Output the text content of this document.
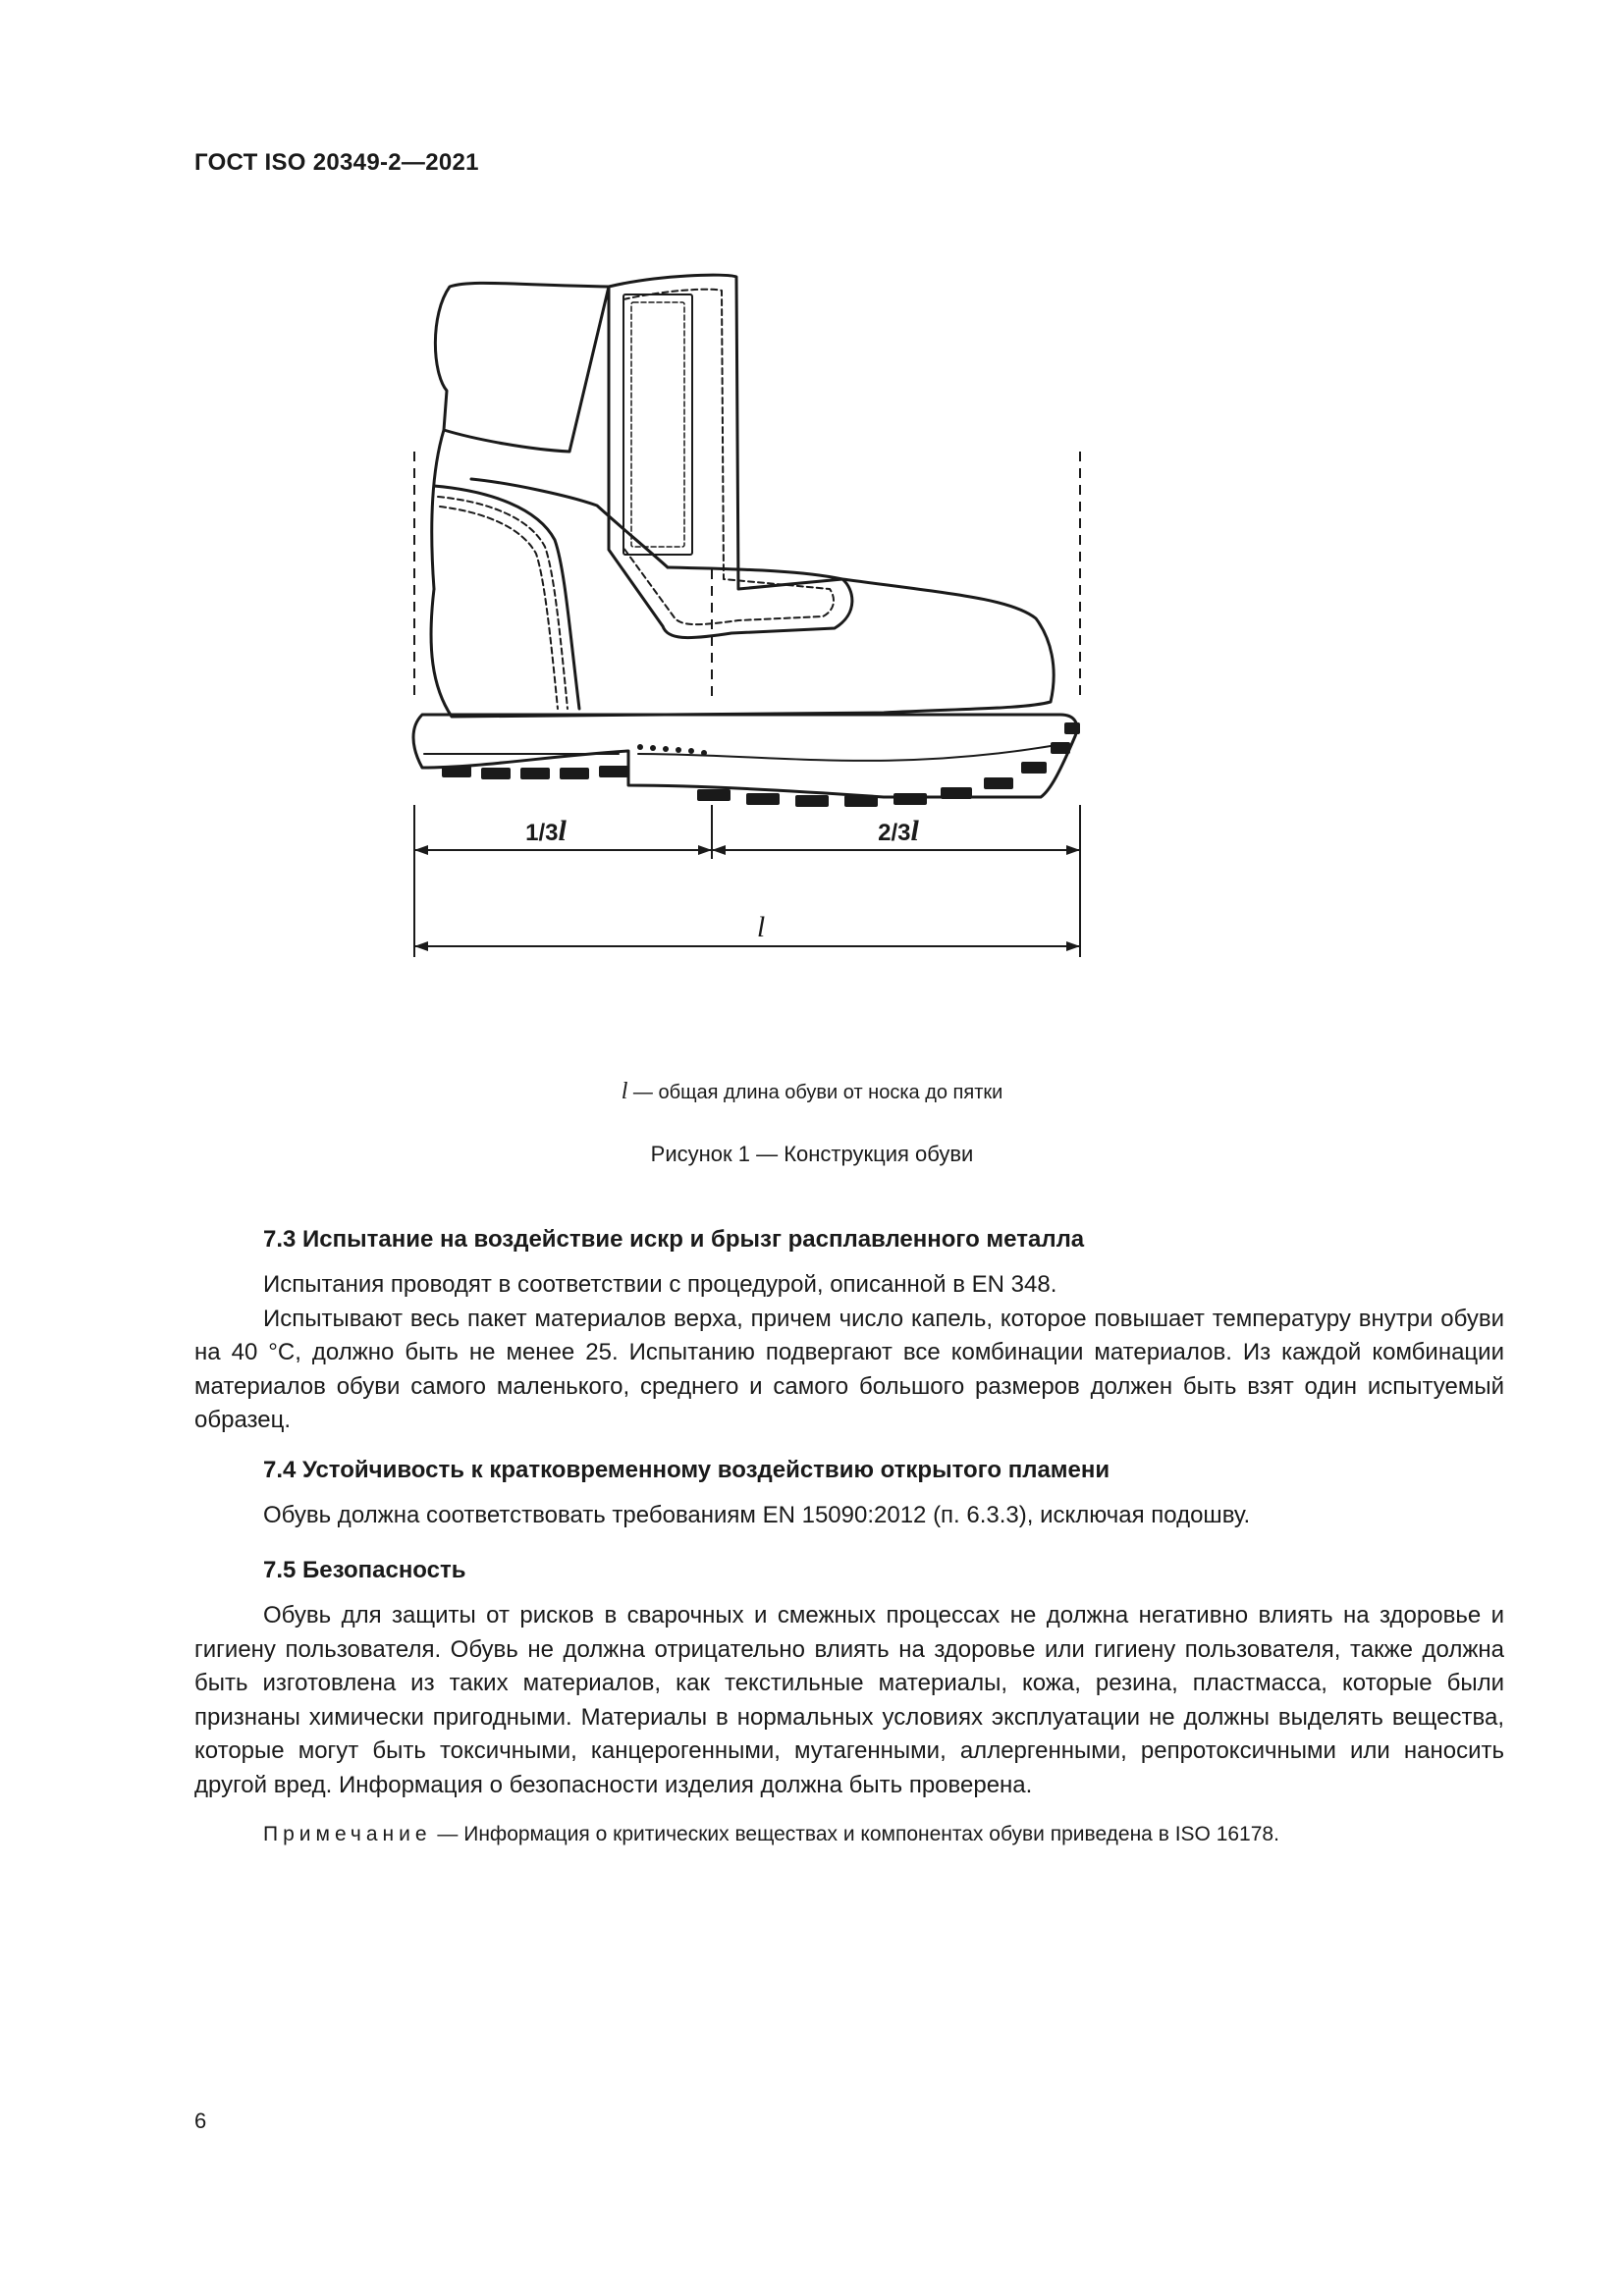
ГОСТ ISO 20349-2—2021
1/3l	2/3l
l
l — общая длина обуви от носка до пятки
Рисунок 1 — Конструкция обуви
7.3 Испытание на воздействие искр и брызг расплавленного металла

Испытания проводят в соответствии с процедурой, описанной в EN 348.

Испытывают весь пакет материалов верха, причем число капель, которое повышает температуру внутри обуви на 40 °C, должно быть не менее 25. Испытанию подвергают все комбинации материалов. Из каждой комбинации материалов обуви самого маленького, среднего и самого большого размеров должен быть взят один испытуемый образец.

7.4 Устойчивость к кратковременному воздействию открытого пламени

Обувь должна соответствовать требованиям EN 15090:2012 (п. 6.3.3), исключая подошву.

7.5 Безопасность

Обувь для защиты от рисков в сварочных и смежных процессах не должна негативно влиять на здоровье и гигиену пользователя. Обувь не должна отрицательно влиять на здоровье или гигиену пользователя, также должна быть изготовлена из таких материалов, как текстильные материалы, кожа, резина, пластмасса, которые были признаны химически пригодными. Материалы в нормальных условиях эксплуатации не должны выделять вещества, которые могут быть токсичными, канцерогенными, мутагенными, аллергенными, репротоксичными или наносить другой вред. Информация о безопасности изделия должна быть проверена.

Примечание — Информация о критических веществах и компонентах обуви приведена в ISO 16178.

6
